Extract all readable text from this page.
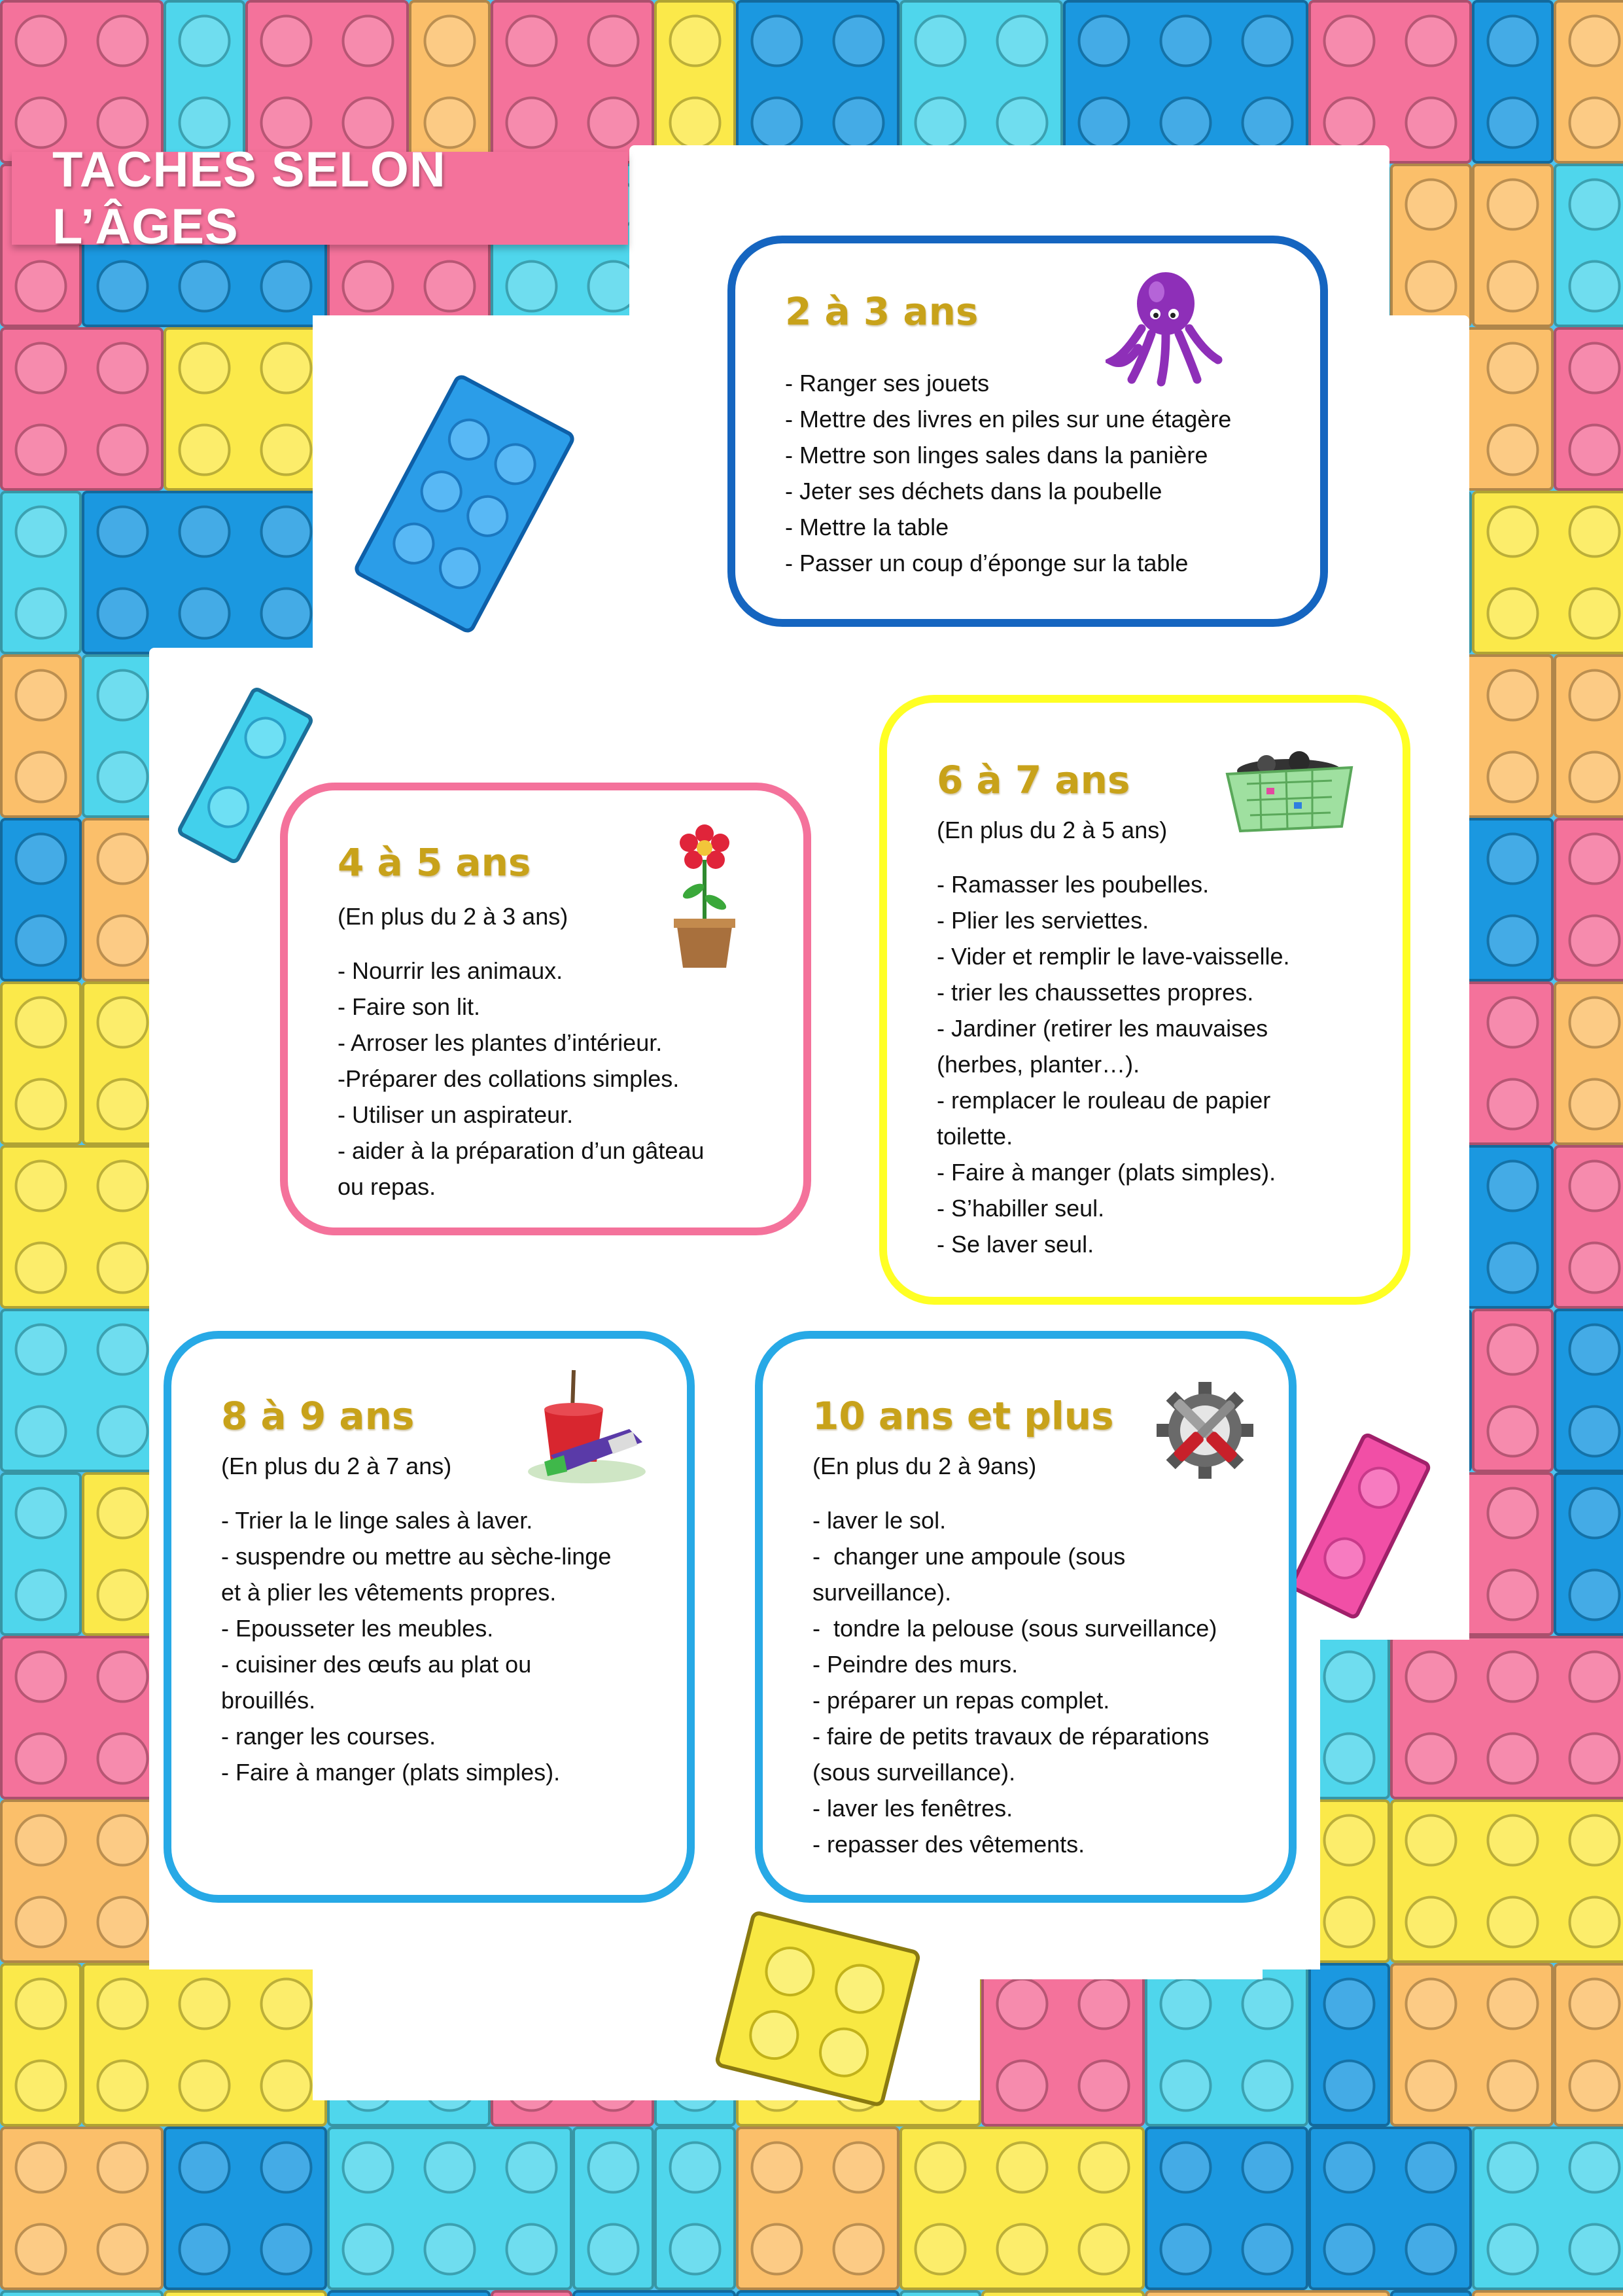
TACHES SELON L’ÂGES
2 à 3 ans
- Ranger ses jouets
- Mettre des livres en piles sur une étagère
- Mettre son linges sales dans la panière
- Jeter ses déchets dans la poubelle
- Mettre la table
- Passer un coup d’éponge sur la table
4 à 5 ans
(En plus du 2 à 3 ans)
- Nourrir les animaux.
- Faire son lit.
- Arroser les plantes d’intérieur.
-Préparer des collations simples.
- Utiliser un aspirateur.
- aider à la préparation d’un gâteau
ou repas.
6 à 7 ans
(En plus du 2 à 5 ans)
- Ramasser les poubelles.
- Plier les serviettes.
- Vider et remplir le lave-vaisselle.
- trier les chaussettes propres.
- Jardiner (retirer les mauvaises
(herbes, planter…).
- remplacer le rouleau de papier
toilette.
- Faire à manger (plats simples).
- S’habiller seul.
- Se laver seul.
8 à 9 ans
(En plus du 2 à 7 ans)
- Trier la le linge sales à laver.
- suspendre ou mettre au sèche-linge
et à plier les vêtements propres.
- Epousseter les meubles.
- cuisiner des œufs au plat ou
brouillés.
- ranger les courses.
- Faire à manger (plats simples).
10 ans et plus
(En plus du 2 à 9ans)
- laver le sol.
-  changer une ampoule (sous
surveillance).
-  tondre la pelouse (sous surveillance)
- Peindre des murs.
- préparer un repas complet.
- faire de petits travaux de réparations
(sous surveillance).
- laver les fenêtres.
- repasser des vêtements.
